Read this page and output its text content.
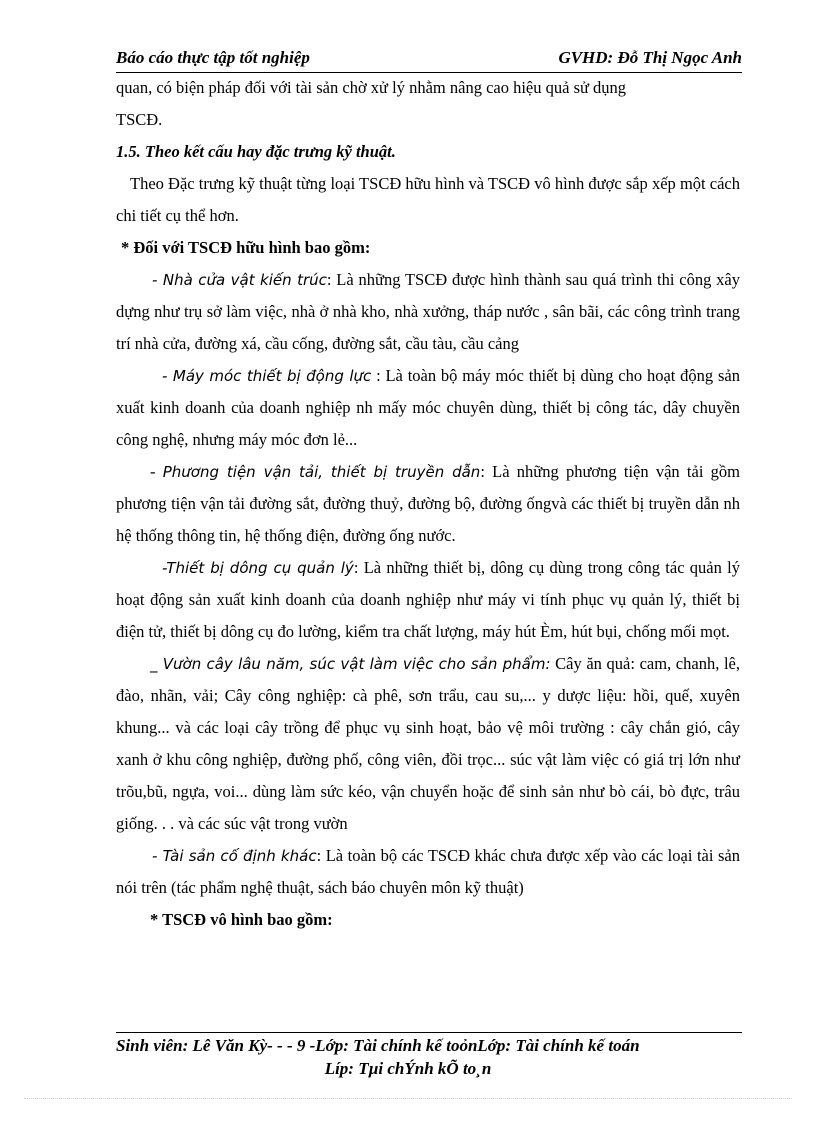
Báo cáo thực tập tốt nghiệp	GVHD: Đỗ Thị Ngọc Anh

quan, có biện pháp đối với tài sản chờ xử lý nhằm nâng cao hiệu quả sử dụng
TSCĐ.

1.5. Theo kết cấu hay đặc trưng kỹ thuật.

Theo Đặc trưng kỹ thuật từng loại TSCĐ hữu hình và TSCĐ vô hình được sắp xếp một cách chi tiết cụ thể hơn.

* Đối với TSCĐ hữu hình bao gồm:

- Nhà cửa vật kiến trúc: Là những TSCĐ được hình thành sau quá trình thi công xây dựng như trụ sở làm việc, nhà ở nhà kho, nhà xưởng, tháp nước , sân bãi, các công trình trang trí nhà cửa, đường xá, cầu cống, đường sắt, cầu tàu, cầu cảng

- Máy móc thiết bị động lực : Là toàn bộ máy móc thiết bị dùng cho hoạt động sản xuất kinh doanh của doanh nghiệp nh mấy móc chuyên dùng, thiết bị công tác, dây chuyền công nghệ, nhưng máy móc đơn lẻ...

- Phương tiện vận tải, thiết bị truyền dẫn: Là những phương tiện vận tải gồm phương tiện vận tải đường sắt, đường thuỷ, đường bộ, đường ốngvà các thiết bị truyền dẫn nh hệ thống thông tin, hệ thống điện, đường ống nước.

-Thiết bị dông cụ quản lý: Là những thiết bị, dông cụ dùng trong công tác quản lý hoạt động sản xuất kinh doanh của doanh nghiệp như máy vi tính phục vụ quản lý, thiết bị điện tử, thiết bị dông cụ đo lường, kiểm tra chất lượng, máy hút Èm, hút bụi, chống mối mọt.

_ Vườn cây lâu năm, súc vật làm việc cho sản phẩm: Cây ăn quả: cam, chanh, lê, đào, nhãn, vải; Cây công nghiệp: cà phê, sơn trẩu, cau su,... y dược liệu: hồi, quế, xuyên khung... và các loại cây trồng để phục vụ sinh hoạt, bảo vệ môi trường : cây chắn gió, cây xanh ở khu công nghiệp, đường phố, công viên, đồi trọc... súc vật làm việc có giá trị lớn như trõu,bũ, ngựa, voi... dùng làm sức kéo, vận chuyển hoặc để sinh sản như bò cái, bò đực, trâu giống. . . và các súc vật trong vườn

- Tài sản cố định khác: Là toàn bộ các TSCĐ khác chưa được xếp vào các loại tài sản nói trên (tác phẩm nghệ thuật, sách báo chuyên môn kỹ thuật)

* TSCĐ vô hình bao gồm:

Sinh viên: Lê Văn Kỳ- - - 9 -Lớp: Tài chính kế toỏnLớp: Tài chính kế toán
Líp: Tµi chÝnh kÕ to¸n
